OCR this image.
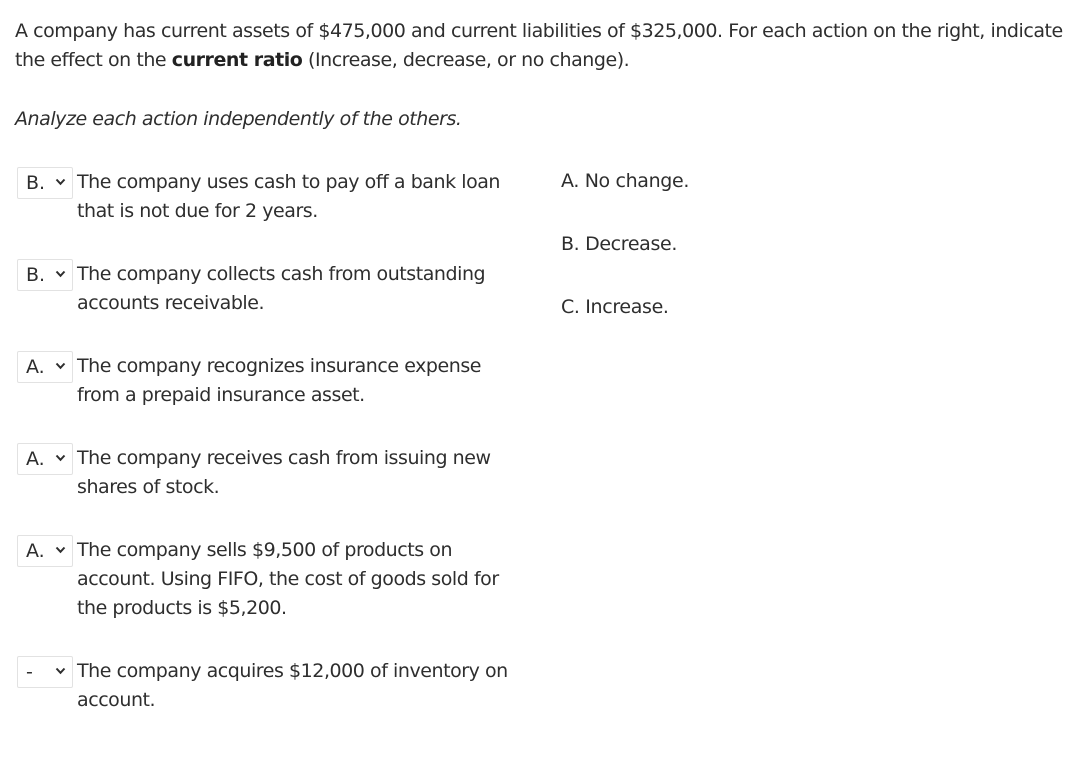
A company has current assets of $475,000 and current liabilities of $325,000. For each action on the right, indicate the effect on the current ratio (Increase, decrease, or no change).
Analyze each action independently of the others.
B. The company uses cash to pay off a bank loan that is not due for 2 years.
B. The company collects cash from outstanding accounts receivable.
A. The company recognizes insurance expense from a prepaid insurance asset.
A. The company receives cash from issuing new shares of stock.
A. The company sells $9,500 of products on account. Using FIFO, the cost of goods sold for the products is $5,200.
- The company acquires $12,000 of inventory on account.
A. No change.
B. Decrease.
C. Increase.
